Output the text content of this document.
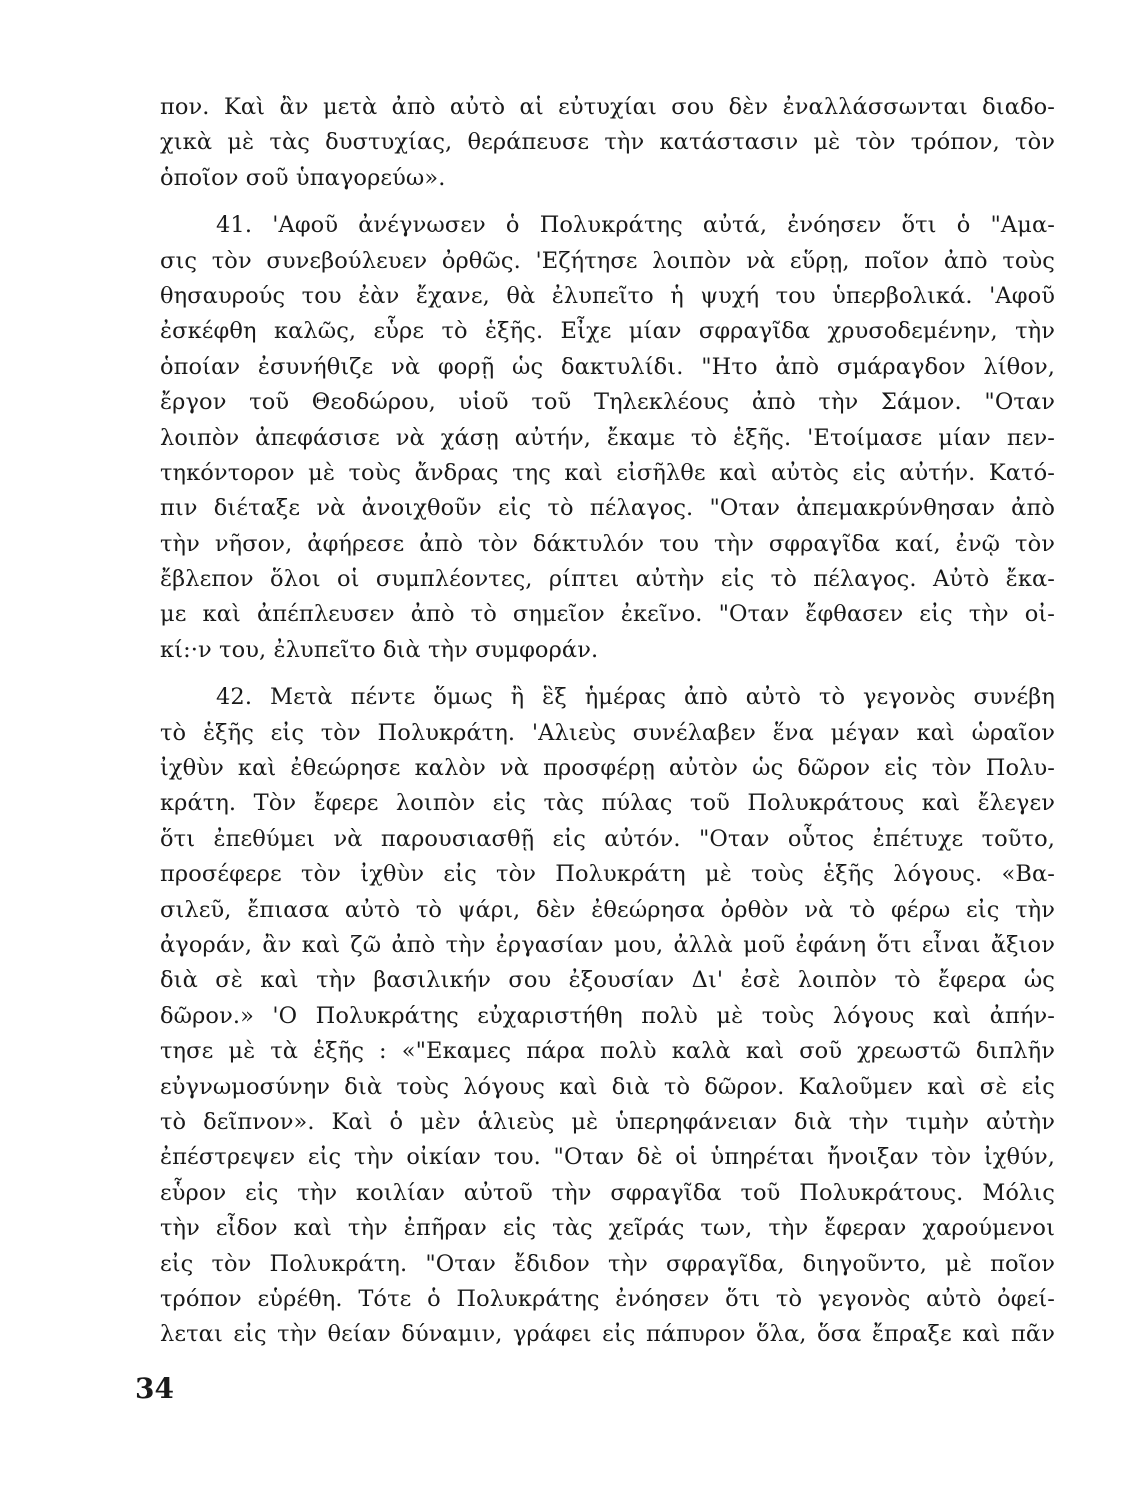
πον. Καὶ ἂν μετὰ ἀπὸ αὐτὸ αἱ εὐτυχίαι σου δὲν ἐναλλάσσωνται διαδο-
χικὰ μὲ τὰς δυστυχίας, θεράπευσε τὴν κατάστασιν μὲ τὸν τρόπον, τὸν
ὁποῖον σοῦ ὑπαγορεύω».
41. 'Αφοῦ ἀνέγνωσεν ὁ Πολυκράτης αὐτά, ἐνόησεν ὅτι ὁ "Αμα-
σις τὸν συνεβούλευεν ὀρθῶς. 'Εζήτησε λοιπὸν νὰ εὕρῃ, ποῖον ἀπὸ τοὺς
θησαυρούς του ἐὰν ἔχανε, θὰ ἐλυπεῖτο ἡ ψυχή του ὑπερβολικά. 'Αφοῦ
ἐσκέφθη καλῶς, εὗρε τὸ ἑξῆς. Εἶχε μίαν σφραγῖδα χρυσοδεμένην, τὴν
ὁποίαν ἐσυνήθιζε νὰ φορῇ ὡς δακτυλίδι. "Ητο ἀπὸ σμάραγδον λίθον,
ἔργον τοῦ Θεοδώρου, υἱοῦ τοῦ Τηλεκλέους ἀπὸ τὴν Σάμον. "Οταν
λοιπὸν ἀπεφάσισε νὰ χάσῃ αὐτήν, ἔκαμε τὸ ἑξῆς. 'Ετοίμασε μίαν πεν-
τηκόντορον μὲ τοὺς ἄνδρας της καὶ εἰσῆλθε καὶ αὐτὸς εἰς αὐτήν. Κατό-
πιν διέταξε νὰ ἀνοιχθοῦν εἰς τὸ πέλαγος. "Οταν ἀπεμακρύνθησαν ἀπὸ
τὴν νῆσον, ἀφήρεσε ἀπὸ τὸν δάκτυλόν του τὴν σφραγῖδα καί, ἐνῷ τὸν
ἔβλεπον ὅλοι οἱ συμπλέοντες, ρίπτει αὐτὴν εἰς τὸ πέλαγος. Αὐτὸ ἔκα-
με καὶ ἀπέπλευσεν ἀπὸ τὸ σημεῖον ἐκεῖνο. "Οταν ἔφθασεν εἰς τὴν οἰ-
κί:·ν του, ἐλυπεῖτο διὰ τὴν συμφοράν.
42. Μετὰ πέντε ὅμως ἢ ἓξ ἡμέρας ἀπὸ αὐτὸ τὸ γεγονὸς συνέβη
τὸ ἑξῆς εἰς τὸν Πολυκράτη. 'Αλιεὺς συνέλαβεν ἕνα μέγαν καὶ ὡραῖον
ἰχθὺν καὶ ἐθεώρησε καλὸν νὰ προσφέρῃ αὐτὸν ὡς δῶρον εἰς τὸν Πολυ-
κράτη. Τὸν ἔφερε λοιπὸν εἰς τὰς πύλας τοῦ Πολυκράτους καὶ ἔλεγεν
ὅτι ἐπεθύμει νὰ παρουσιασθῇ εἰς αὐτόν. "Οταν οὗτος ἐπέτυχε τοῦτο,
προσέφερε τὸν ἰχθὺν εἰς τὸν Πολυκράτη μὲ τοὺς ἑξῆς λόγους. «Βα-
σιλεῦ, ἔπιασα αὐτὸ τὸ ψάρι, δὲν ἐθεώρησα ὀρθὸν νὰ τὸ φέρω εἰς τὴν
ἀγοράν, ἂν καὶ ζῶ ἀπὸ τὴν ἐργασίαν μου, ἀλλὰ μοῦ ἐφάνη ὅτι εἶναι ἄξιον
διὰ σὲ καὶ τὴν βασιλικήν σου ἐξουσίαν Δι' ἐσὲ λοιπὸν τὸ ἔφερα ὡς
δῶρον.» 'Ο Πολυκράτης εὐχαριστήθη πολὺ μὲ τοὺς λόγους καὶ ἀπήν-
τησε μὲ τὰ ἑξῆς : «"Εκαμες πάρα πολὺ καλὰ καὶ σοῦ χρεωστῶ διπλῆν
εὐγνωμοσύνην διὰ τοὺς λόγους καὶ διὰ τὸ δῶρον. Καλοῦμεν καὶ σὲ εἰς
τὸ δεῖπνον». Καὶ ὁ μὲν ἁλιεὺς μὲ ὑπερηφάνειαν διὰ τὴν τιμὴν αὐτὴν
ἐπέστρεψεν εἰς τὴν οἰκίαν του. "Οταν δὲ οἱ ὑπηρέται ἤνοιξαν τὸν ἰχθύν,
εὗρον εἰς τὴν κοιλίαν αὐτοῦ τὴν σφραγῖδα τοῦ Πολυκράτους. Μόλις
τὴν εἶδον καὶ τὴν ἐπῆραν εἰς τὰς χεῖράς των, τὴν ἔφεραν χαρούμενοι
εἰς τὸν Πολυκράτη. "Οταν ἔδιδον τὴν σφραγῖδα, διηγοῦντο, μὲ ποῖον
τρόπον εὑρέθη. Τότε ὁ Πολυκράτης ἐνόησεν ὅτι τὸ γεγονὸς αὐτὸ ὀφεί-
λεται εἰς τὴν θείαν δύναμιν, γράφει εἰς πάπυρον ὅλα, ὅσα ἔπραξε καὶ πᾶν
34
